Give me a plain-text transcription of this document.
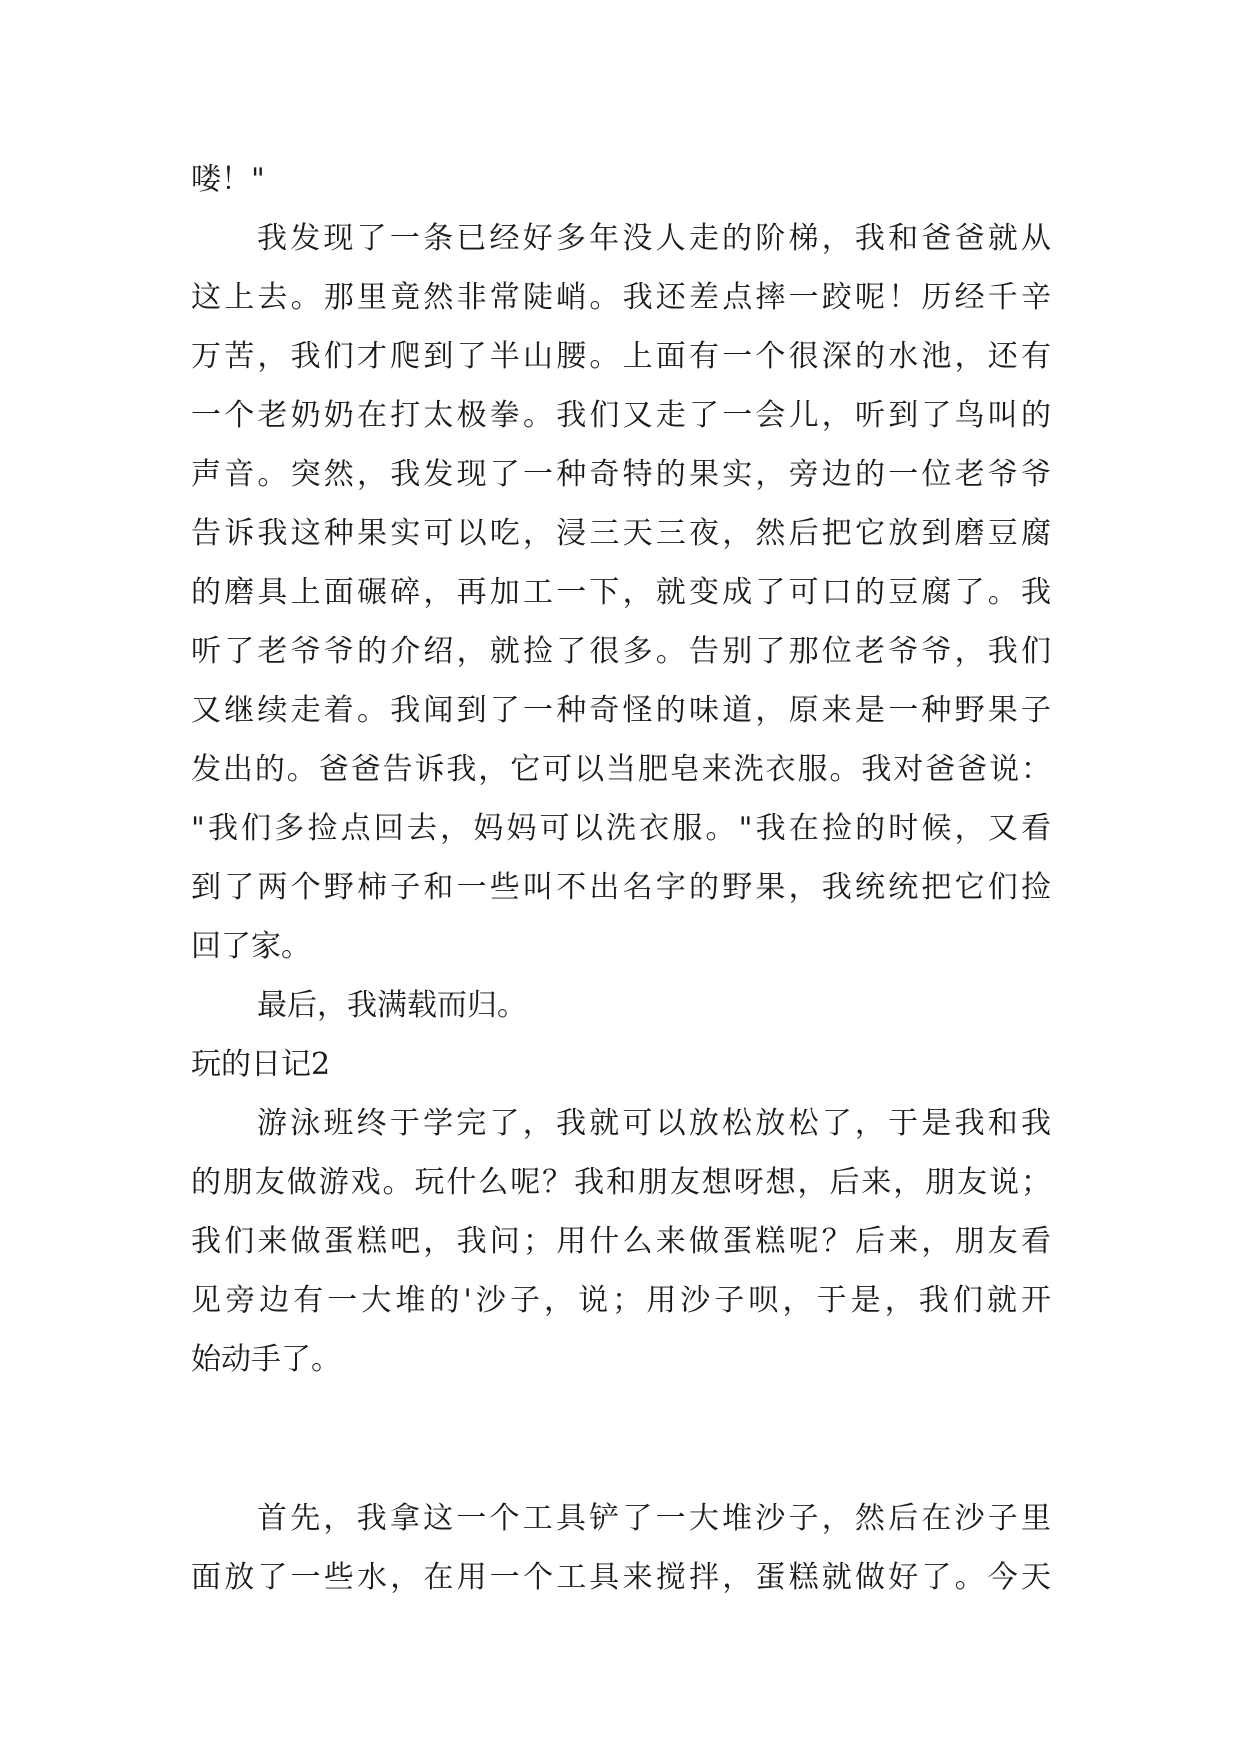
喽！"
我发现了一条已经好多年没人走的阶梯，我和爸爸就从
这上去。那里竟然非常陡峭。我还差点摔一跤呢！历经千辛
万苦，我们才爬到了半山腰。上面有一个很深的水池，还有
一个老奶奶在打太极拳。我们又走了一会儿，听到了鸟叫的
声音。突然，我发现了一种奇特的果实，旁边的一位老爷爷
告诉我这种果实可以吃，浸三天三夜，然后把它放到磨豆腐
的磨具上面碾碎，再加工一下，就变成了可口的豆腐了。我
听了老爷爷的介绍，就捡了很多。告别了那位老爷爷，我们
又继续走着。我闻到了一种奇怪的味道，原来是一种野果子
发出的。爸爸告诉我，它可以当肥皂来洗衣服。我对爸爸说：
"我们多捡点回去，妈妈可以洗衣服。"我在捡的时候，又看
到了两个野柿子和一些叫不出名字的野果，我统统把它们捡
回了家。
最后，我满载而归。
玩的日记2
游泳班终于学完了，我就可以放松放松了，于是我和我
的朋友做游戏。玩什么呢？我和朋友想呀想，后来，朋友说；
我们来做蛋糕吧，我问；用什么来做蛋糕呢？后来，朋友看
见旁边有一大堆的'沙子，说；用沙子呗，于是，我们就开
始动手了。
首先，我拿这一个工具铲了一大堆沙子，然后在沙子里
面放了一些水，在用一个工具来搅拌，蛋糕就做好了。今天
